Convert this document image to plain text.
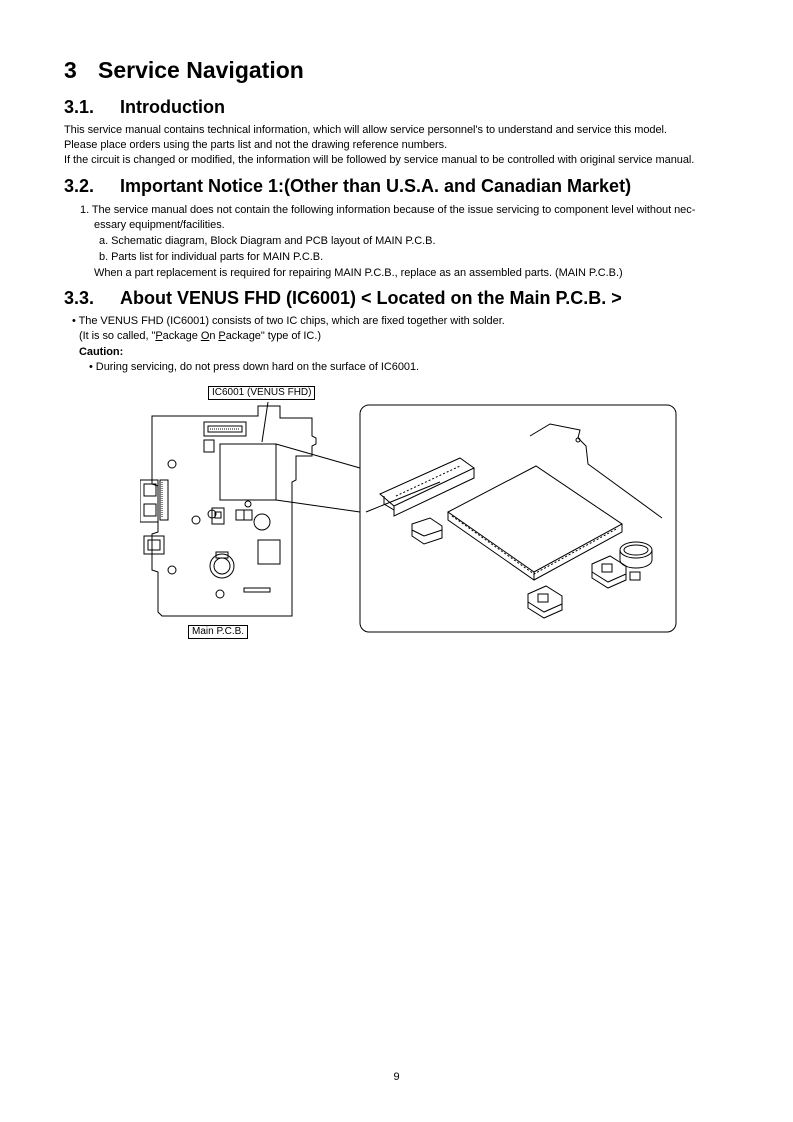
3 Service Navigation
3.1. Introduction
This service manual contains technical information, which will allow service personnel's to understand and service this model.
Please place orders using the parts list and not the drawing reference numbers.
If the circuit is changed or modified, the information will be followed by service manual to be controlled with original service manual.
3.2. Important Notice 1:(Other than U.S.A. and Canadian Market)
1. The service manual does not contain the following information because of the issue servicing to component level without nec-
essary equipment/facilities.
a. Schematic diagram, Block Diagram and PCB layout of MAIN P.C.B.
b. Parts list for individual parts for MAIN P.C.B.
When a part replacement is required for repairing MAIN P.C.B., replace as an assembled parts. (MAIN P.C.B.)
3.3. About VENUS FHD (IC6001) < Located on the Main P.C.B. >
• The VENUS FHD (IC6001) consists of two IC chips, which are fixed together with solder.
(It is so called, "Package On Package" type of IC.)
Caution:
• During servicing, do not press down hard on the surface of IC6001.
IC6001 (VENUS FHD)
Main P.C.B.
9
